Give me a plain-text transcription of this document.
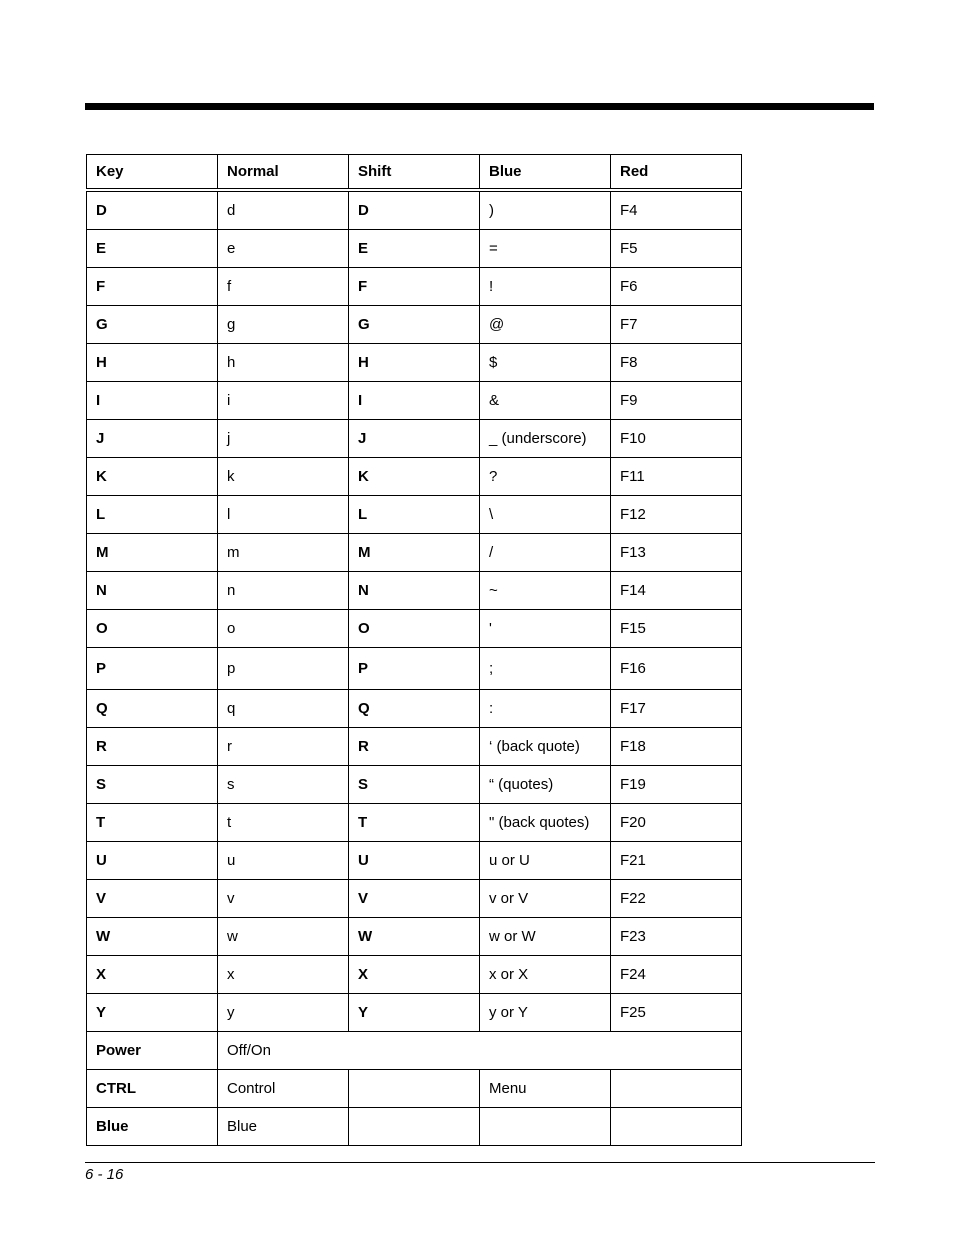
Key	Normal	Shift	Blue	Red
D	d	D	)	F4
E	e	E	=	F5
F	f	F	!	F6
G	g	G	@	F7
H	h	H	$	F8
I	i	I	&	F9
J	j	J	_ (underscore)	F10
K	k	K	?	F11
L	l	L	\	F12
M	m	M	/	F13
N	n	N	~	F14
O	o	O	'	F15
P	p	P	;	F16
Q	q	Q	:	F17
R	r	R	‘ (back quote)	F18
S	s	S	“ (quotes)	F19
T	t	T	" (back quotes)	F20
U	u	U	u or U	F21
V	v	V	v or V	F22
W	w	W	w or W	F23
X	x	X	x or X	F24
Y	y	Y	y or Y	F25
Power	Off/On			
CTRL	Control		Menu	
Blue	Blue			
6 - 16
